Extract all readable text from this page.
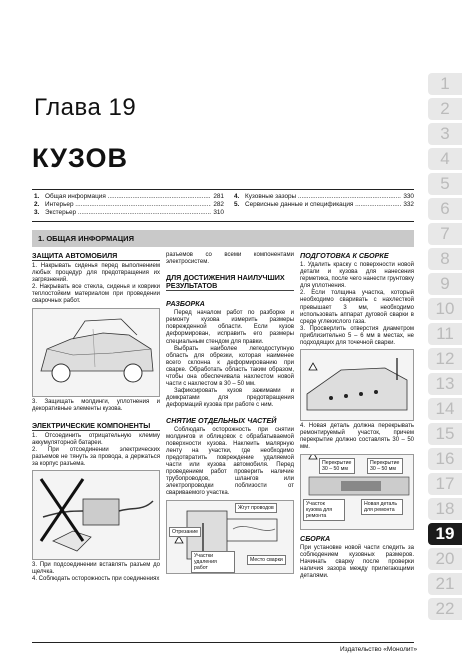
Глава 19
КУЗОВ
1. Общая информация .....	281
2. Интерьер .....	282
3. Экстерьер .....	310
4. Кузовные зазоры .....	330
5. Сервисные данные и спецификация .....	332
1. ОБЩАЯ ИНФОРМАЦИЯ
ЗАЩИТА АВТОМОБИЛЯ
1. Накрывать сиденья перед выполнением любых процедур для предотвращения их загрязнений.
2. Накрывать все стекла, сиденья и коврики теплостойким материалом при проведении сварочных работ.
3. Защищать молдинги, уплотнения и декоративные элементы кузова.
ЭЛЕКТРИЧЕСКИЕ КОМПОНЕНТЫ
1. Отсоединить отрицательную клемму аккумуляторной батареи.
2. При отсоединении электрических разъемов не тянуть за провода, а держаться за корпус разъема.
3. При подсоединении вставлять разъем до щелчка.
4. Соблюдать осторожность при соединениях
разъемов со всеми компонентами электросистем.
ДЛЯ ДОСТИЖЕНИЯ НАИЛУЧШИХ РЕЗУЛЬТАТОВ
РАЗБОРКА
Перед началом работ по разборке и ремонту кузова измерить размеры поврежденной области. Если кузов деформирован, исправить его размеры специальным стендом для правки.
Выбрать наиболее легкодоступную область для обрезки, которая наименее всего склонна к деформированию при сварке. Обработать область таким образом, чтобы она обеспечивала нахлестом новой части с нахлестом в 30 – 50 мм.
Зафиксировать кузов зажимами и домкратами для предотвращения деформаций кузова при работе с ним.
СНЯТИЕ ОТДЕЛЬНЫХ ЧАСТЕЙ
Соблюдать осторожность при снятии молдингов и облицовок с обрабатываемой поверхности кузова. Наклеить малярную ленту на участки, где необходимо предотвратить повреждение удаляемой части или кузова автомобиля. Перед проведением работ проверить наличие трубопроводов, шлангов или электропроводки поблизости от свариваемого участка.
Жгут проводов
Отрезание
Участки удаления работ
Место сварки
ПОДГОТОВКА К СБОРКЕ
1. Удалить краску с поверхности новой детали и кузова для нанесения герметика, после чего нанести грунтовку для уплотнения.
2. Если толщина участка, который необходимо сваривать с нахлесткой превышает 3 мм, необходимо использовать аппарат дуговой сварки в среде углекислого газа.
3. Просверлить отверстия диаметром приблизительно 5 – 6 мм в местах, не подходящих для точечной сварки.
4. Новая деталь должна перекрывать ремонтируемый участок, причем перекрытие должно составлять 30 – 50 мм.
Перекрытие 30 – 50 мм
Перекрытие 30 – 50 мм
Участок кузова для ремонта
Новая деталь для ремонта
СБОРКА
При установке новой части следить за соблюдением кузовных размеров. Начинать сварку после проверки наличия зазора между прилегающими деталями.
1
2
3
4
5
6
7
8
9
10
11
12
13
14
15
16
17
18
19
20
21
22
Издательство «Монолит»
